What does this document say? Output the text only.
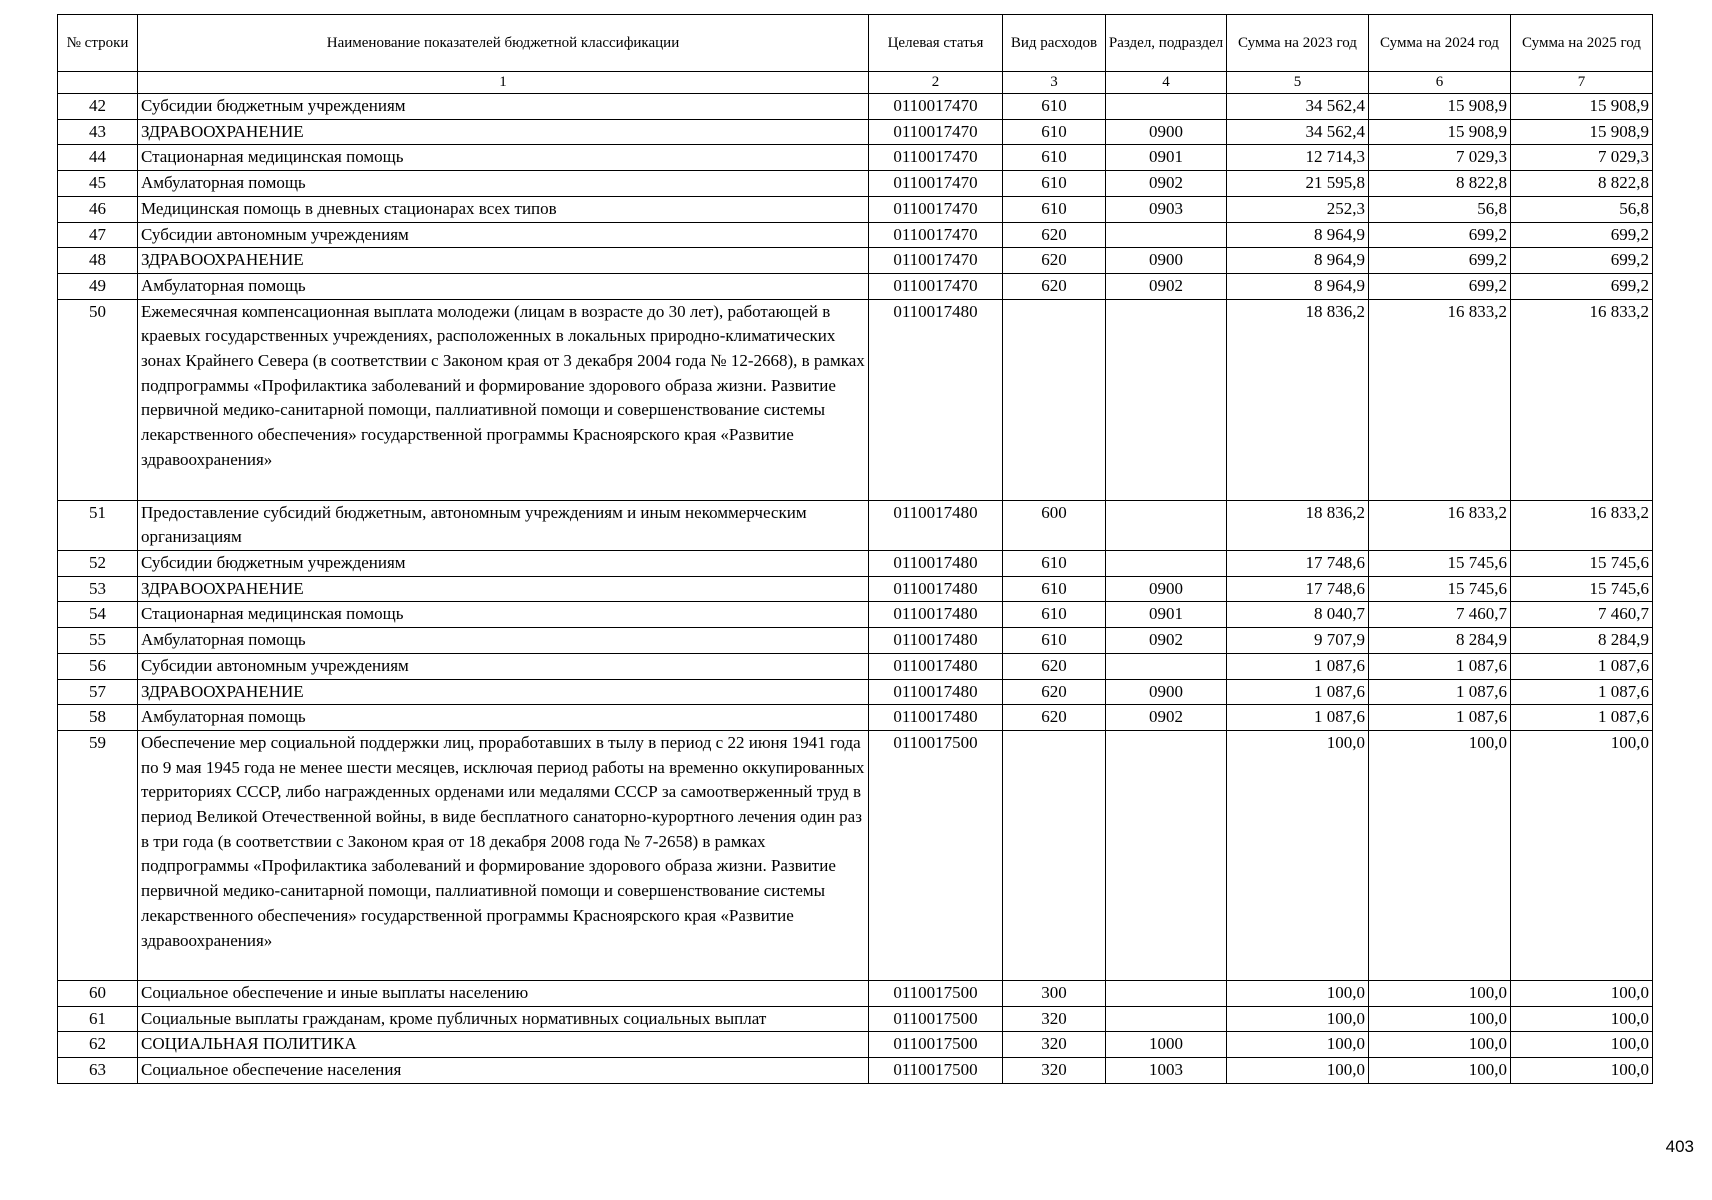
№ строки	Наименование показателей бюджетной классификации	Целевая статья	Вид расходов	Раздел, подраздел	Сумма на 2023 год	Сумма на 2024 год	Сумма на 2025 год
	1	2	3	4	5	6	7
42	Субсидии бюджетным учреждениям	0110017470	610		34 562,4	15 908,9	15 908,9
43	ЗДРАВООХРАНЕНИЕ	0110017470	610	0900	34 562,4	15 908,9	15 908,9
44	Стационарная медицинская помощь	0110017470	610	0901	12 714,3	7 029,3	7 029,3
45	Амбулаторная помощь	0110017470	610	0902	21 595,8	8 822,8	8 822,8
46	Медицинская помощь в дневных стационарах всех типов	0110017470	610	0903	252,3	56,8	56,8
47	Субсидии автономным учреждениям	0110017470	620		8 964,9	699,2	699,2
48	ЗДРАВООХРАНЕНИЕ	0110017470	620	0900	8 964,9	699,2	699,2
49	Амбулаторная помощь	0110017470	620	0902	8 964,9	699,2	699,2
50	Ежемесячная компенсационная выплата молодежи (лицам в возрасте до 30 лет), работающей в краевых государственных учреждениях, расположенных в локальных природно-климатических зонах Крайнего Севера (в соответствии с Законом края от 3 декабря 2004 года № 12-2668), в рамках подпрограммы «Профилактика заболеваний и формирование здорового образа жизни. Развитие первичной медико-санитарной помощи, паллиативной помощи и совершенствование системы лекарственного обеспечения» государственной программы Красноярского края «Развитие здравоохранения»	0110017480			18 836,2	16 833,2	16 833,2
51	Предоставление субсидий бюджетным, автономным учреждениям и иным некоммерческим организациям	0110017480	600		18 836,2	16 833,2	16 833,2
52	Субсидии бюджетным учреждениям	0110017480	610		17 748,6	15 745,6	15 745,6
53	ЗДРАВООХРАНЕНИЕ	0110017480	610	0900	17 748,6	15 745,6	15 745,6
54	Стационарная медицинская помощь	0110017480	610	0901	8 040,7	7 460,7	7 460,7
55	Амбулаторная помощь	0110017480	610	0902	9 707,9	8 284,9	8 284,9
56	Субсидии автономным учреждениям	0110017480	620		1 087,6	1 087,6	1 087,6
57	ЗДРАВООХРАНЕНИЕ	0110017480	620	0900	1 087,6	1 087,6	1 087,6
58	Амбулаторная помощь	0110017480	620	0902	1 087,6	1 087,6	1 087,6
59	Обеспечение мер социальной поддержки лиц, проработавших в тылу в период с 22 июня 1941 года по 9 мая 1945 года не менее шести месяцев, исключая период работы на временно оккупированных территориях СССР, либо награжденных орденами или медалями СССР за самоотверженный труд в период Великой Отечественной войны, в виде бесплатного санаторно-курортного лечения один раз в три года (в соответствии с Законом края от 18 декабря 2008 года № 7-2658) в рамках подпрограммы «Профилактика заболеваний и формирование здорового образа жизни. Развитие первичной медико-санитарной помощи, паллиативной помощи и совершенствование системы лекарственного обеспечения» государственной программы Красноярского края «Развитие здравоохранения»	0110017500			100,0	100,0	100,0
60	Социальное обеспечение и иные выплаты населению	0110017500	300		100,0	100,0	100,0
61	Социальные выплаты гражданам, кроме публичных нормативных социальных выплат	0110017500	320		100,0	100,0	100,0
62	СОЦИАЛЬНАЯ ПОЛИТИКА	0110017500	320	1000	100,0	100,0	100,0
63	Социальное обеспечение населения	0110017500	320	1003	100,0	100,0	100,0
403
